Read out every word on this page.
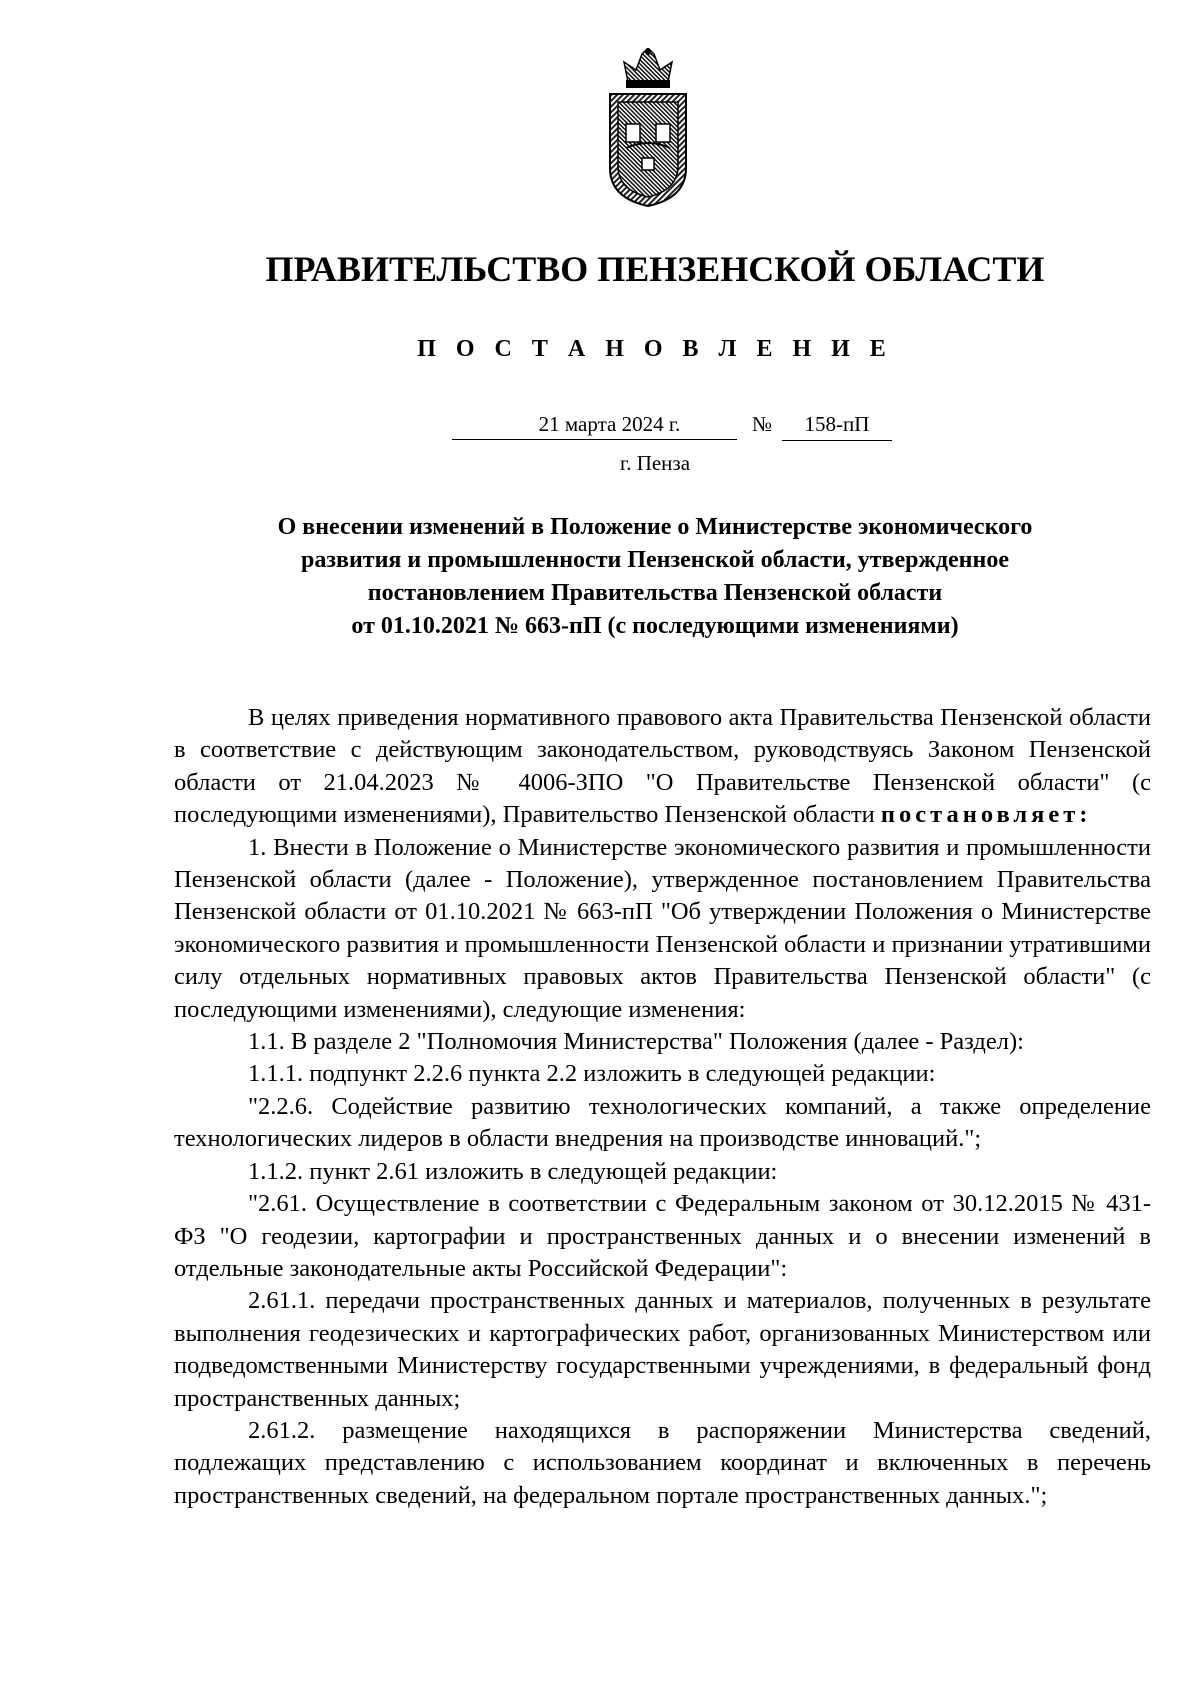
ПРАВИТЕЛЬСТВО ПЕНЗЕНСКОЙ ОБЛАСТИ
П О С Т А Н О В Л Е Н И Е
21 марта 2024 г.	№	158-пП
г. Пенза
О внесении изменений в Положение о Министерстве экономического
развития и промышленности Пензенской области, утвержденное
постановлением Правительства Пензенской области
от 01.10.2021 № 663-пП (с последующими изменениями)

В целях приведения нормативного правового акта Правительства Пензенской области в соответствие с действующим законодательством, руководствуясь Законом Пензенской области от 21.04.2023 № 4006-ЗПО "О Правительстве Пензенской области" (с последующими изменениями), Правительство Пензенской области постановляет:

1. Внести в Положение о Министерстве экономического развития и промышленности Пензенской области (далее - Положение), утвержденное постановлением Правительства Пензенской области от 01.10.2021 № 663-пП "Об утверждении Положения о Министерстве экономического развития и промышленности Пензенской области и признании утратившими силу отдельных нормативных правовых актов Правительства Пензенской области" (с последующими изменениями), следующие изменения:

1.1. В разделе 2 "Полномочия Министерства" Положения (далее - Раздел):

1.1.1. подпункт 2.2.6 пункта 2.2 изложить в следующей редакции:

"2.2.6. Содействие развитию технологических компаний, а также определение технологических лидеров в области внедрения на производстве инноваций.";

1.1.2. пункт 2.61 изложить в следующей редакции:

"2.61. Осуществление в соответствии с Федеральным законом от 30.12.2015 № 431-ФЗ "О геодезии, картографии и пространственных данных и о внесении изменений в отдельные законодательные акты Российской Федерации":

2.61.1. передачи пространственных данных и материалов, полученных в результате выполнения геодезических и картографических работ, организованных Министерством или подведомственными Министерству государственными учреждениями, в федеральный фонд пространственных данных;

2.61.2. размещение находящихся в распоряжении Министерства сведений, подлежащих представлению с использованием координат и включенных в перечень пространственных сведений, на федеральном портале пространственных данных.";
